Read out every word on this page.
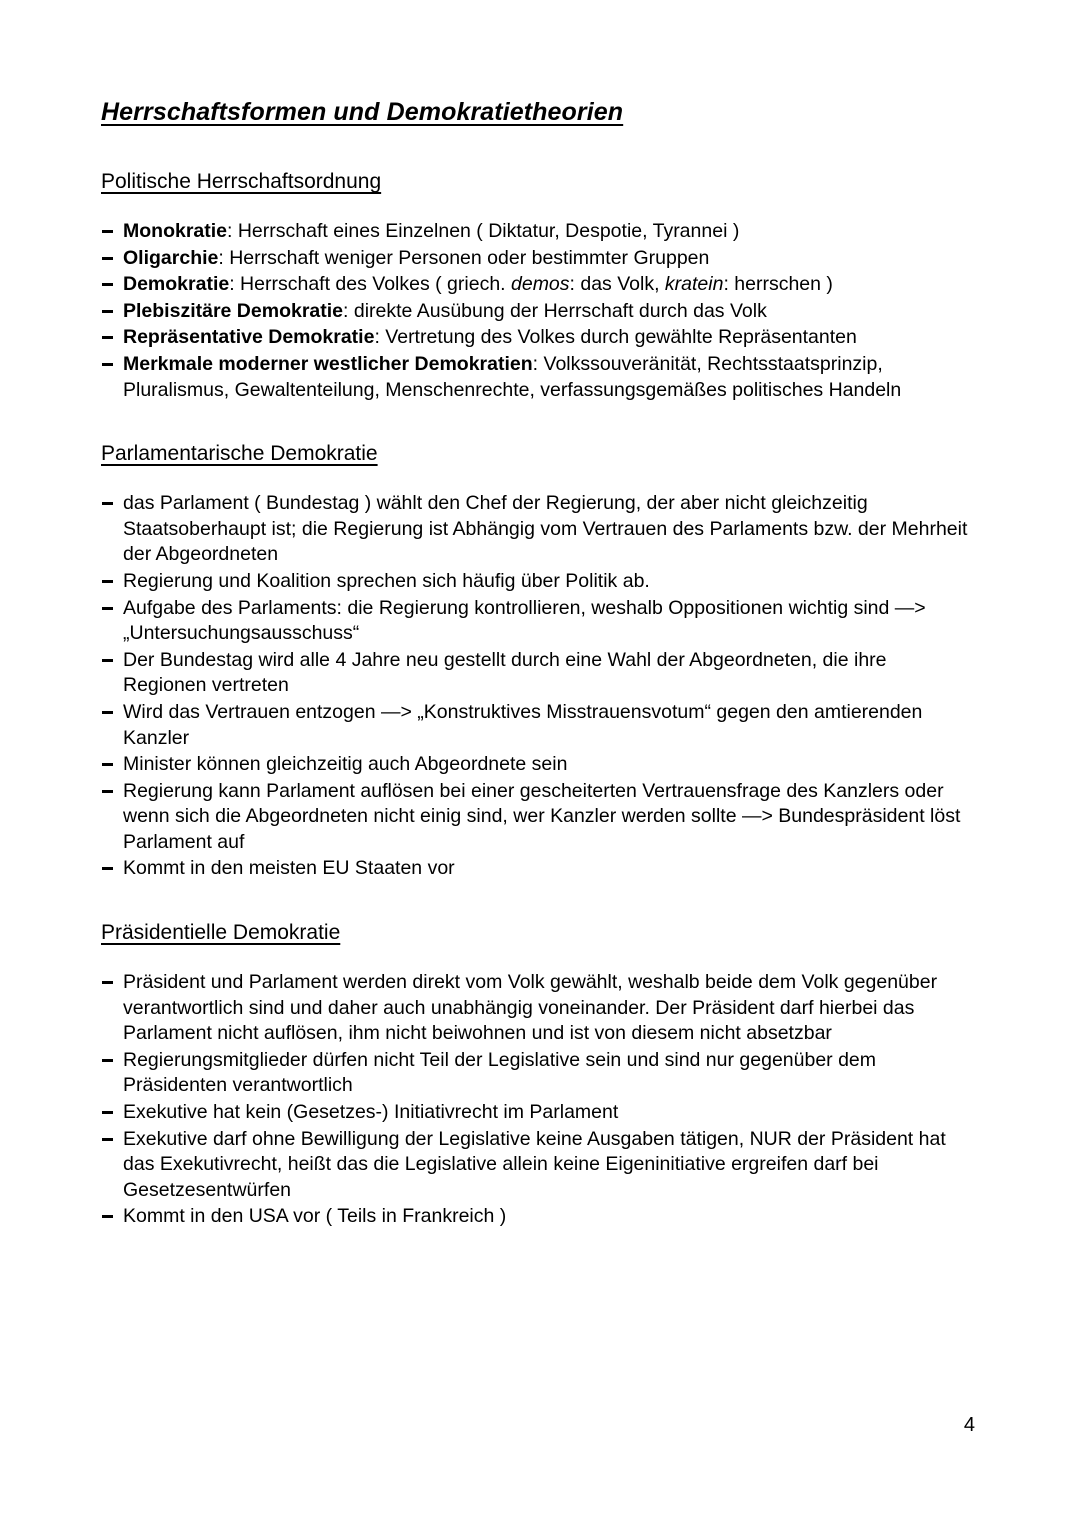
Herrschaftsformen und Demokratietheorien
Politische Herrschaftsordnung
Monokratie: Herrschaft eines Einzelnen ( Diktatur, Despotie, Tyrannei )
Oligarchie: Herrschaft weniger Personen oder bestimmter Gruppen
Demokratie: Herrschaft des Volkes ( griech. demos: das Volk, kratein: herrschen )
Plebiszitäre Demokratie: direkte Ausübung der Herrschaft durch das Volk
Repräsentative Demokratie: Vertretung des Volkes durch gewählte Repräsentanten
Merkmale moderner westlicher Demokratien: Volkssouveränität, Rechtsstaatsprinzip, Pluralismus, Gewaltenteilung, Menschenrechte, verfassungsgemäßes politisches Handeln
Parlamentarische Demokratie
das Parlament ( Bundestag ) wählt den Chef der Regierung, der aber nicht gleichzeitig Staatsoberhaupt ist; die Regierung ist Abhängig vom Vertrauen des Parlaments bzw. der Mehrheit der Abgeordneten
Regierung und Koalition sprechen sich häufig über Politik ab.
Aufgabe des Parlaments: die Regierung kontrollieren, weshalb Oppositionen wichtig sind —> „Untersuchungsausschuss“
Der Bundestag wird alle 4 Jahre neu gestellt durch eine Wahl der Abgeordneten, die ihre Regionen vertreten
Wird das Vertrauen entzogen —> „Konstruktives Misstrauensvotum“ gegen den amtierenden Kanzler
Minister können gleichzeitig auch Abgeordnete sein
Regierung kann Parlament auflösen bei einer gescheiterten Vertrauensfrage des Kanzlers oder wenn sich die Abgeordneten nicht einig sind, wer Kanzler werden sollte —> Bundespräsident löst Parlament auf
Kommt in den meisten EU Staaten vor
Präsidentielle Demokratie
Präsident und Parlament werden direkt vom Volk gewählt, weshalb beide dem Volk gegenüber verantwortlich sind und daher auch unabhängig voneinander. Der Präsident darf hierbei das Parlament nicht auflösen, ihm nicht beiwohnen und ist von diesem nicht absetzbar
Regierungsmitglieder dürfen nicht Teil der Legislative sein und sind nur gegenüber dem Präsidenten verantwortlich
Exekutive hat kein (Gesetzes-) Initiativrecht im Parlament
Exekutive darf ohne Bewilligung der Legislative keine Ausgaben tätigen, NUR der Präsident hat das Exekutivrecht, heißt das die Legislative allein keine Eigeninitiative ergreifen darf bei Gesetzesentwürfen
Kommt in den USA vor ( Teils in Frankreich )
4
